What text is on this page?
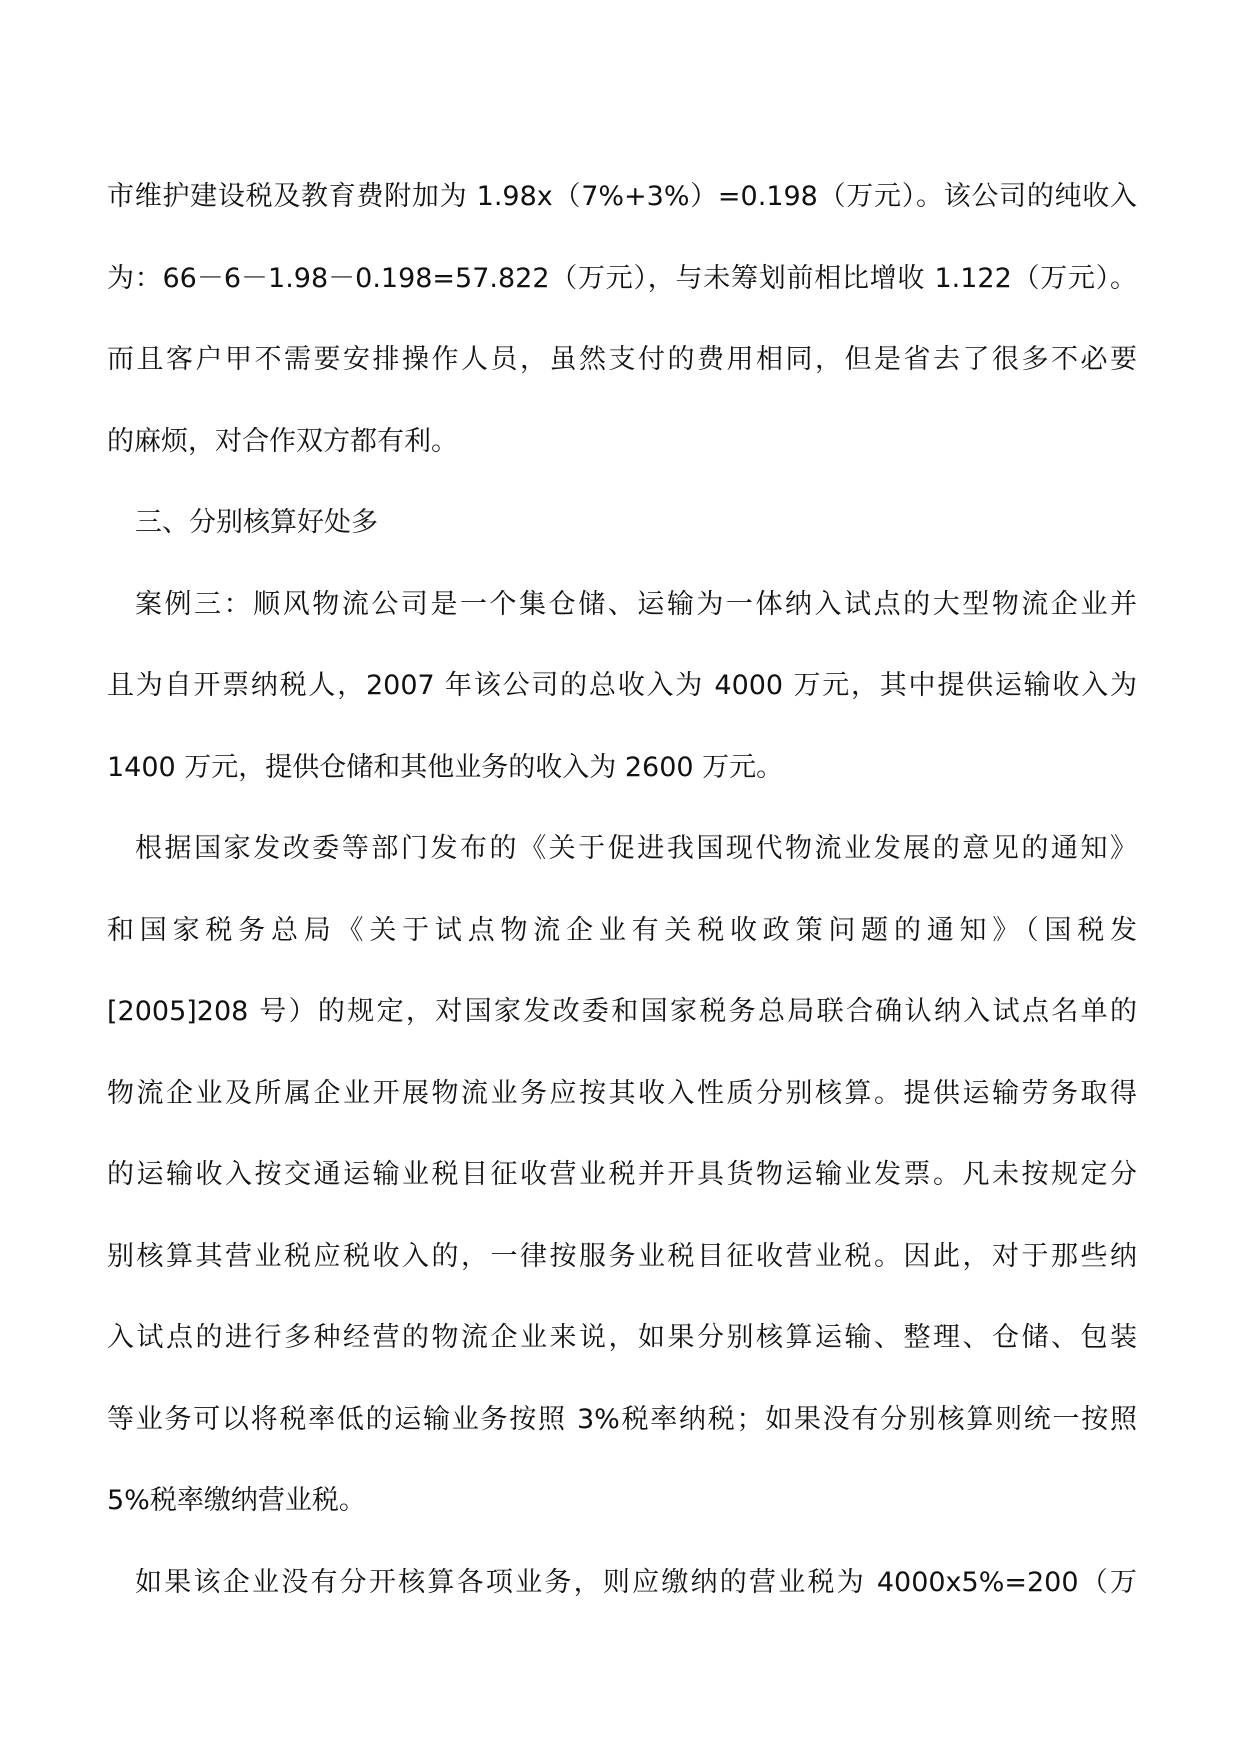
市维护建设税及教育费附加为 1.98x（7%+3%）=0.198（万元）。该公司的纯收入
为：66－6－1.98－0.198=57.822（万元），与未筹划前相比增收 1.122（万元）。
而且客户甲不需要安排操作人员，虽然支付的费用相同，但是省去了很多不必要
的麻烦，对合作双方都有利。
三、分别核算好处多
案例三：顺风物流公司是一个集仓储、运输为一体纳入试点的大型物流企业并
且为自开票纳税人，2007 年该公司的总收入为 4000 万元，其中提供运输收入为
1400 万元，提供仓储和其他业务的收入为 2600 万元。
根据国家发改委等部门发布的《关于促进我国现代物流业发展的意见的通知》
和国家税务总局《关于试点物流企业有关税收政策问题的通知》（国税发
[2005]208 号）的规定，对国家发改委和国家税务总局联合确认纳入试点名单的
物流企业及所属企业开展物流业务应按其收入性质分别核算。提供运输劳务取得
的运输收入按交通运输业税目征收营业税并开具货物运输业发票。凡未按规定分
别核算其营业税应税收入的，一律按服务业税目征收营业税。因此，对于那些纳
入试点的进行多种经营的物流企业来说，如果分别核算运输、整理、仓储、包装
等业务可以将税率低的运输业务按照 3%税率纳税；如果没有分别核算则统一按照
5%税率缴纳营业税。
如果该企业没有分开核算各项业务，则应缴纳的营业税为 4000x5%=200（万
